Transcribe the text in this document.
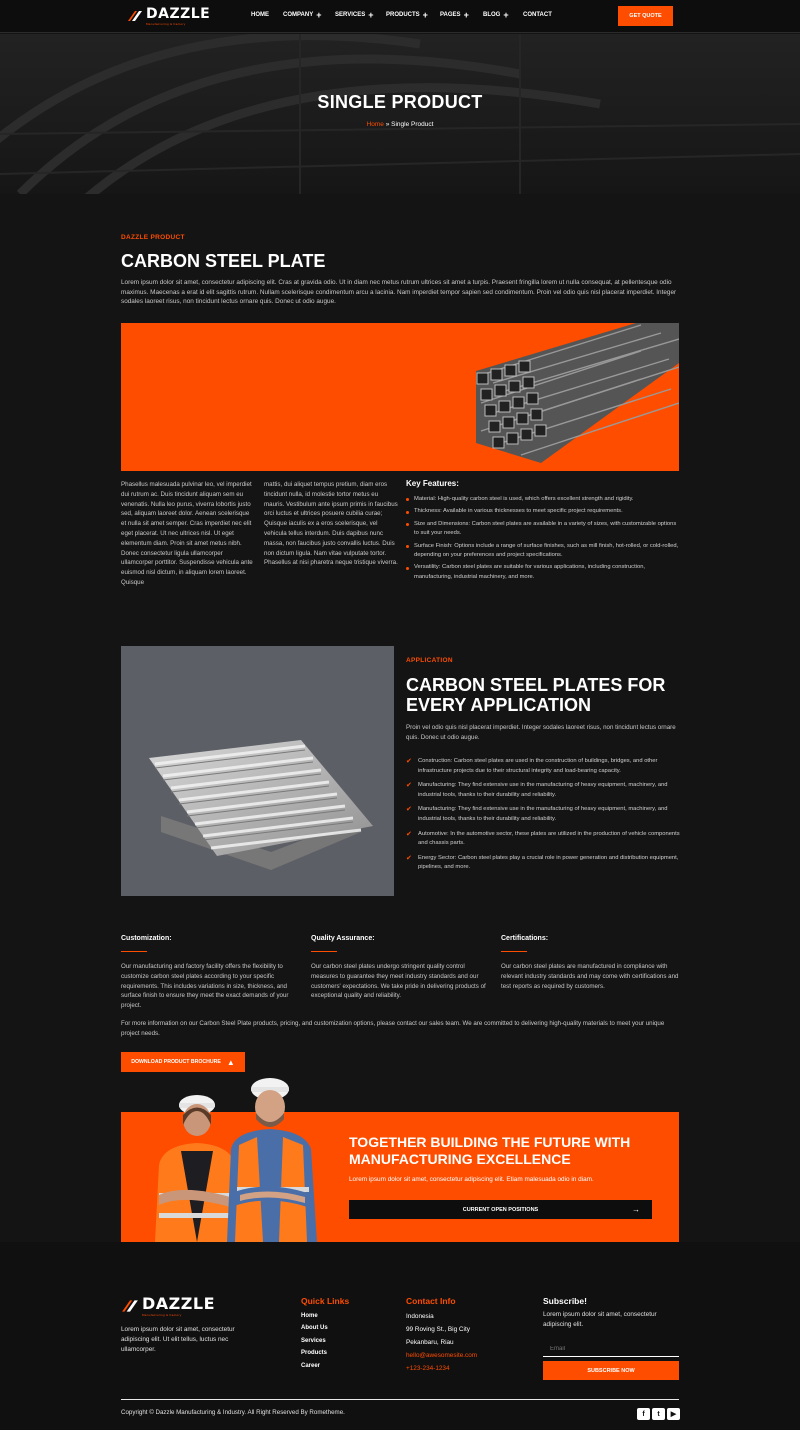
DAZZLE
Manufacturing & Factory
HOME COMPANY + SERVICES + PRODUCTS + PAGES + BLOG + CONTACT	GET QUOTE
SINGLE PRODUCT
Home » Single Product
DAZZLE PRODUCT
CARBON STEEL PLATE
Lorem ipsum dolor sit amet, consectetur adipiscing elit. Cras at gravida odio. Ut in diam nec metus rutrum ultrices sit amet a turpis. Praesent fringilla lorem ut nulla consequat, at pellentesque odio maximus. Maecenas a erat id elit sagittis rutrum. Nullam scelerisque condimentum arcu a lacinia. Nam imperdiet tempor sapien sed condimentum. Proin vel odio quis nisl placerat imperdiet. Integer sodales laoreet risus, non tincidunt lectus ornare quis. Donec ut odio augue.
Phasellus malesuada pulvinar leo, vel imperdiet dui rutrum ac. Duis tincidunt aliquam sem eu venenatis. Nulla leo purus, viverra lobortis justo sed, aliquam laoreet dolor. Aenean scelerisque et nulla sit amet semper. Cras imperdiet nec elit eget placerat. Ut nec ultrices nisl. Ut eget elementum diam. Proin sit amet metus nibh. Donec consectetur ligula ullamcorper ullamcorper porttitor. Suspendisse vehicula ante euismod nisl dictum, in aliquam lorem laoreet. Quisque
mattis, dui aliquet tempus pretium, diam eros tincidunt nulla, id molestie tortor metus eu mauris. Vestibulum ante ipsum primis in faucibus orci luctus et ultrices posuere cubilia curae; Quisque iaculis ex a eros scelerisque, vel vehicula tellus interdum. Duis dapibus nunc massa, non faucibus justo convallis luctus. Duis non dictum ligula. Nam vitae vulputate tortor. Phasellus at nisi pharetra neque tristique viverra.
Key Features:
Material: High-quality carbon steel is used, which offers excellent strength and rigidity.
Thickness: Available in various thicknesses to meet specific project requirements.
Size and Dimensions: Carbon steel plates are available in a variety of sizes, with customizable options to suit your needs.
Surface Finish: Options include a range of surface finishes, such as mill finish, hot-rolled, or cold-rolled, depending on your preferences and project specifications.
Versatility: Carbon steel plates are suitable for various applications, including construction, manufacturing, industrial machinery, and more.
APPLICATION
CARBON STEEL PLATES FOR
EVERY APPLICATION
Proin vel odio quis nisl placerat imperdiet. Integer sodales laoreet risus, non tincidunt lectus ornare quis. Donec ut odio augue.
✔	Construction: Carbon steel plates are used in the construction of buildings, bridges, and other infrastructure projects due to their structural integrity and load-bearing capacity.
✔	Manufacturing: They find extensive use in the manufacturing of heavy equipment, machinery, and industrial tools, thanks to their durability and reliability.
✔	Manufacturing: They find extensive use in the manufacturing of heavy equipment, machinery, and industrial tools, thanks to their durability and reliability.
✔	Automotive: In the automotive sector, these plates are utilized in the production of vehicle components and chassis parts.
✔	Energy Sector: Carbon steel plates play a crucial role in power generation and distribution equipment, pipelines, and more.
Customization:
Our manufacturing and factory facility offers the flexibility to customize carbon steel plates according to your specific requirements. This includes variations in size, thickness, and surface finish to ensure they meet the exact demands of your project.
Quality Assurance:
Our carbon steel plates undergo stringent quality control measures to guarantee they meet industry standards and our customers' expectations. We take pride in delivering products of exceptional quality and reliability.
Certifications:
Our carbon steel plates are manufactured in compliance with relevant industry standards and may come with certifications and test reports as required by customers.
For more information on our Carbon Steel Plate products, pricing, and customization options, please contact our sales team. We are committed to delivering high-quality materials to meet your unique project needs.
DOWNLOAD PRODUCT BROCHURE ▲
TOGETHER BUILDING THE FUTURE WITH
MANUFACTURING EXCELLENCE
Lorem ipsum dolor sit amet, consectetur adipiscing elit. Etiam malesuada odio in diam.
CURRENT OPEN POSITIONS	→
DAZZLE
Manufacturing & Factory
Lorem ipsum dolor sit amet, consectetur adipiscing elit. Ut elit tellus, luctus nec ullamcorper.
Quick Links
Home
About Us
Services
Products
Career
Contact Info
Indonesia
99 Roving St., Big City
Pekanbaru, Riau
hello@awesomesite.com
+123-234-1234
Subscribe!
Lorem ipsum dolor sit amet, consectetur adipiscing elit.
Email
SUBSCRIBE NOW
Copyright © Dazzle Manufacturing & Industry. All Right Reserved By Rometheme.	f	t	▶
